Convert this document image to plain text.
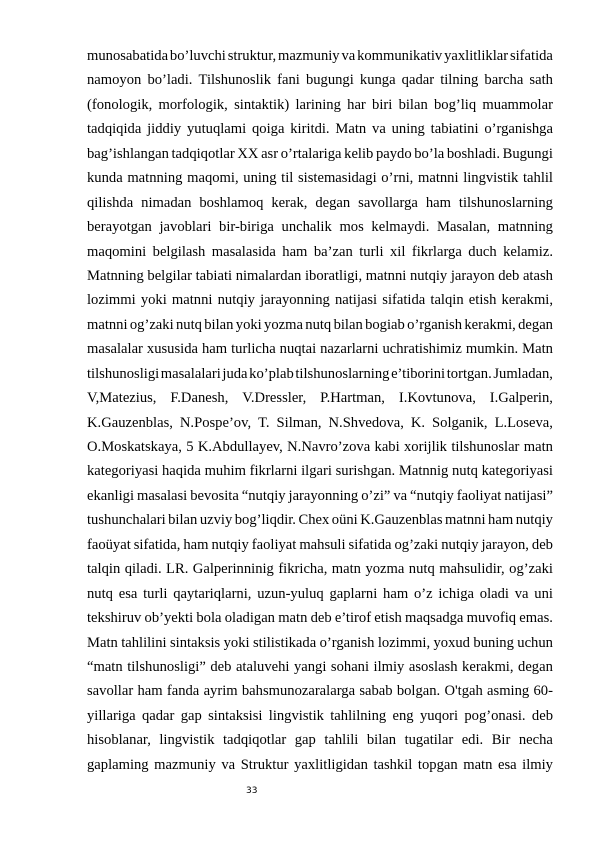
munosabatida bo’luvchi struktur, mazmuniy va kommunikativ yaxlitliklar sifatida
namoyon bo’ladi. Tilshunoslik fani bugungi kunga qadar tilning barcha sath
(fonologik, morfologik, sintaktik) larining har biri bilan bog’liq muammolar
tadqiqida jiddiy yutuqlami qoiga kiritdi. Matn va uning tabiatini o’rganishga
bag’ishlangan tadqiqotlar XX asr o’rtalariga kelib paydo bo’la boshladi. Bugungi
kunda matnning maqomi, uning til sistemasidagi o’rni, matnni lingvistik tahlil
qilishda nimadan boshlamoq kerak, degan savollarga ham tilshunoslarning
berayotgan javoblari bir-biriga unchalik mos kelmaydi. Masalan, matnning
maqomini belgilash masalasida ham ba’zan turli xil fikrlarga duch kelamiz.
Matnning belgilar tabiati nimalardan iboratligi, matnni nutqiy jarayon deb atash
lozimmi yoki matnni nutqiy jarayonning natijasi sifatida talqin etish kerakmi,
matnni og’zaki nutq bilan yoki yozma nutq bilan bogiab o’rganish kerakmi, degan
masalalar xususida ham turlicha nuqtai nazarlarni uchratishimiz mumkin. Matn
tilshunosligi masalalari juda ko’plab tilshunoslarning e’tiborini tortgan. Jumladan,
V,Matezius, F.Danesh, V.Dressler, P.Hartman, I.Kovtunova, I.Galperin,
K.Gauzenblas, N.Pospe’ov, T. Silman, N.Shvedova, K. Solganik, L.Loseva,
O.Moskatskaya, 5 K.Abdullayev, N.Navro’zova kabi xorijlik tilshunoslar matn
kategoriyasi haqida muhim fikrlarni ilgari surishgan. Matnnig nutq kategoriyasi
ekanligi masalasi bevosita “nutqiy jarayonning o’zi” va “nutqiy faoliyat natijasi”
tushunchalari bilan uzviy bog’liqdir. Chex oüni K.Gauzenblas matnni ham nutqiy
faoüyat sifatida, ham nutqiy faoliyat mahsuli sifatida og’zaki nutqiy jarayon, deb
talqin qiladi. LR. Galperinninig fikricha, matn yozma nutq mahsulidir, og’zaki
nutq esa turli qaytariqlarni, uzun-yuluq gaplarni ham o’z ichiga oladi va uni
tekshiruv ob’yekti bola oladigan matn deb e’tirof etish maqsadga muvofiq emas.
Matn tahlilini sintaksis yoki stilistikada o’rganish lozimmi, yoxud buning uchun
“matn tilshunosligi” deb ataluvehi yangi sohani ilmiy asoslash kerakmi, degan
savollar ham fanda ayrim bahsmunozaralarga sabab bolgan. O'tgah asming 60-
yillariga qadar gap sintaksisi lingvistik tahlilning eng yuqori pog’onasi. deb
hisoblanar, lingvistik tadqiqotlar gap tahlili bilan tugatilar edi. Bir necha
gaplaming mazmuniy va Struktur yaxlitligidan tashkil topgan matn esa ilmiy
33
